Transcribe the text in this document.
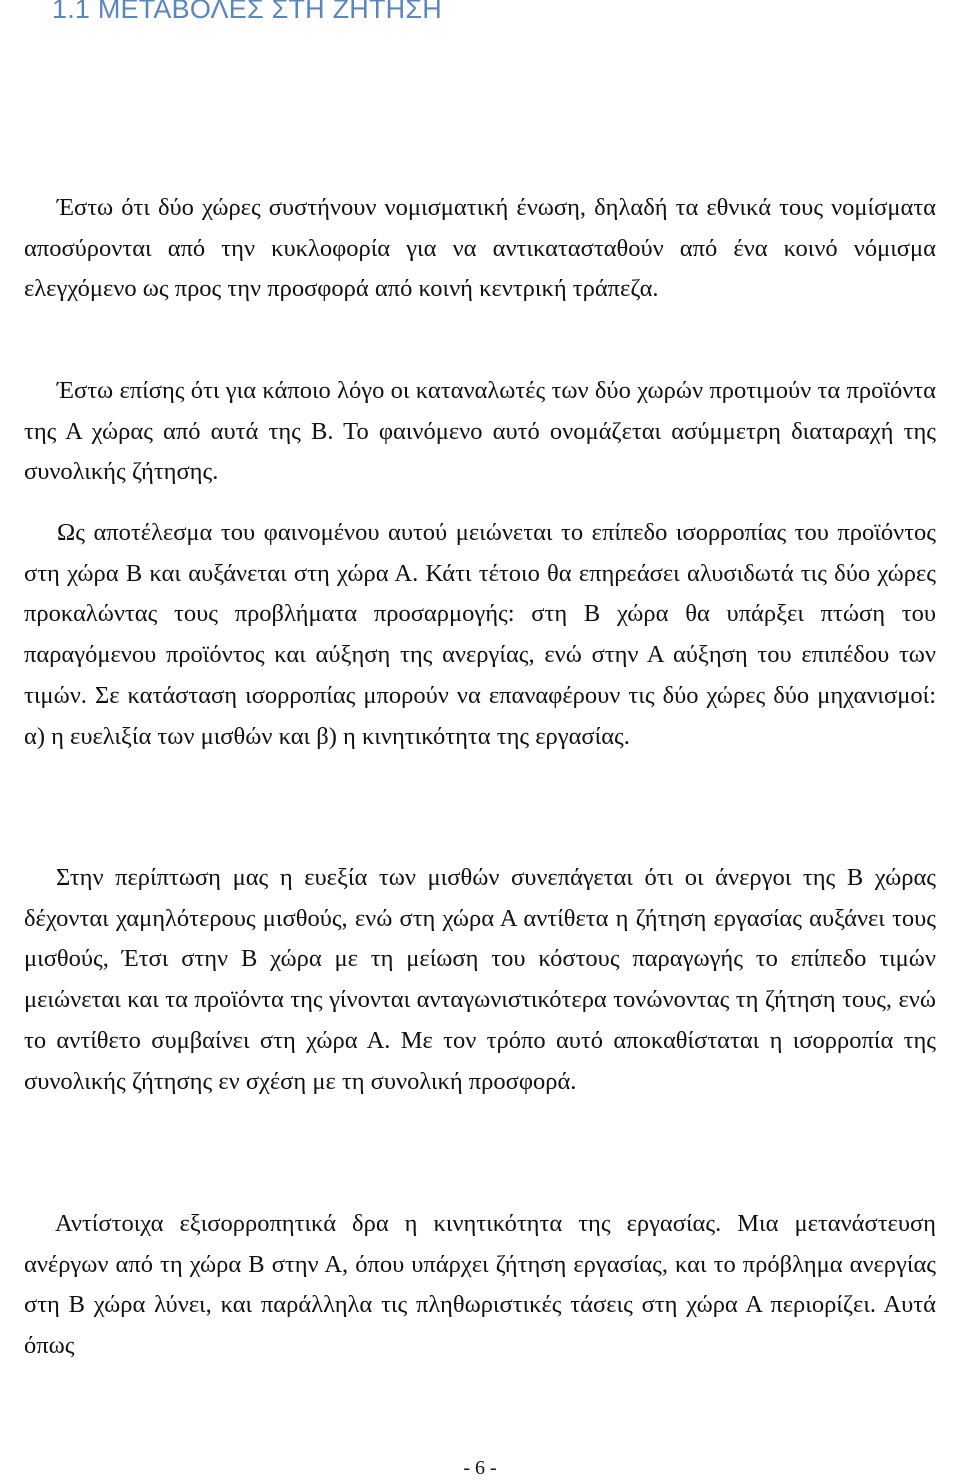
1.1 ΜΕΤΑΒΟΛΕΣ ΣΤΗ ΖΗΤΗΣΗ

Έστω ότι δύο χώρες συστήνουν νομισματική ένωση, δηλαδή τα εθνικά τους νομίσματα αποσύρονται από την κυκλοφορία για να αντικατασταθούν από ένα κοινό νόμισμα ελεγχόμενο ως προς την προσφορά από κοινή κεντρική τράπεζα.

Έστω επίσης ότι για κάποιο λόγο οι καταναλωτές των δύο χωρών προτιμούν τα προϊόντα της Α χώρας από αυτά της Β. Το φαινόμενο αυτό ονομάζεται ασύμμετρη διαταραχή της συνολικής ζήτησης.

Ως αποτέλεσμα του φαινομένου αυτού μειώνεται το επίπεδο ισορροπίας του προϊόντος στη χώρα Β και αυξάνεται στη χώρα Α. Κάτι τέτοιο θα επηρεάσει αλυσιδωτά τις δύο χώρες προκαλώντας τους προβλήματα προσαρμογής: στη Β χώρα θα υπάρξει πτώση του παραγόμενου προϊόντος και αύξηση της ανεργίας, ενώ στην Α αύξηση του επιπέδου των τιμών. Σε κατάσταση ισορροπίας μπορούν να επαναφέρουν τις δύο χώρες δύο μηχανισμοί: α) η ευελιξία των μισθών και β) η κινητικότητα της εργασίας.

Στην περίπτωση μας η ευεξία των μισθών συνεπάγεται ότι οι άνεργοι της Β χώρας δέχονται χαμηλότερους μισθούς, ενώ στη χώρα Α αντίθετα η ζήτηση εργασίας αυξάνει τους μισθούς, Έτσι στην Β χώρα με τη μείωση του κόστους παραγωγής το επίπεδο τιμών μειώνεται και τα προϊόντα της γίνονται ανταγωνιστικότερα τονώνοντας τη ζήτηση τους, ενώ το αντίθετο συμβαίνει στη χώρα Α. Με τον τρόπο αυτό αποκαθίσταται η ισορροπία της συνολικής ζήτησης εν σχέση με τη συνολική προσφορά.

Αντίστοιχα εξισορροπητικά δρα η κινητικότητα της εργασίας. Μια μετανάστευση ανέργων από τη χώρα Β στην Α, όπου υπάρχει ζήτηση εργασίας, και το πρόβλημα ανεργίας στη Β χώρα λύνει, και παράλληλα τις πληθωριστικές τάσεις στη χώρα Α περιορίζει. Αυτά όπως

- 6 -
